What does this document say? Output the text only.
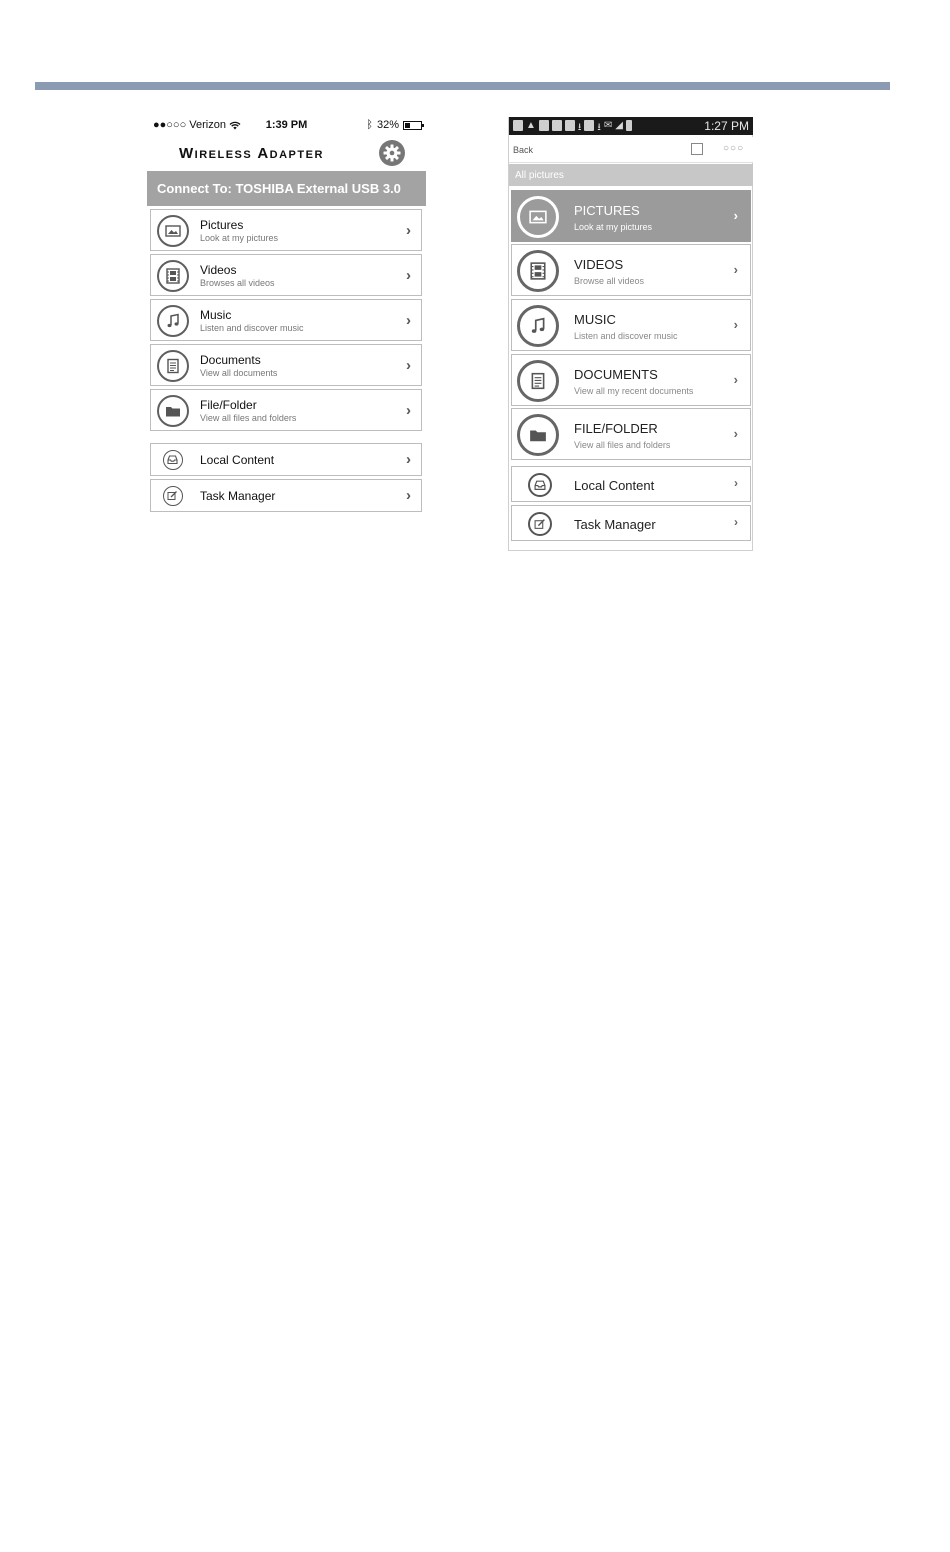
●●○○○ Verizon	1:39 PM	ᛒ 32%
Wireless Adapter
Connect To: TOSHIBA External USB 3.0
Pictures
Look at my pictures	›
Videos
Browses all videos	›
Music
Listen and discover music	›
Documents
View all documents	›
File/Folder
View all files and folders	›
Local Content	›
Task Manager	›
▲	⭳ ⭳ ✉ ◢	1:27 PM
Back	○○○
All pictures
PICTURES
Look at my pictures
›
VIDEOS
Browse all videos
›
MUSIC
Listen and discover music
›
DOCUMENTS
View all my recent documents
›
FILE/FOLDER
View all files and folders
›
Local Content	›
Task Manager	›
